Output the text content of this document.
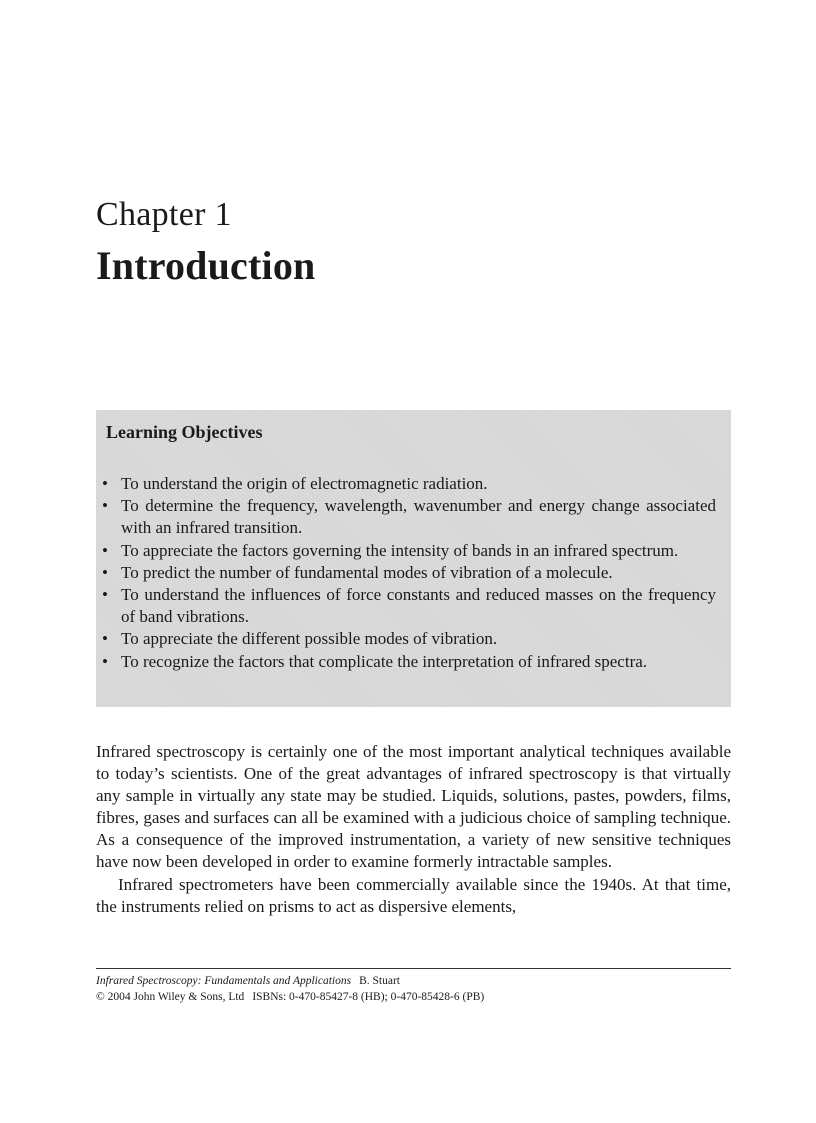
Chapter 1
Introduction
Learning Objectives
• To understand the origin of electromagnetic radiation.
• To determine the frequency, wavelength, wavenumber and energy change associated with an infrared transition.
• To appreciate the factors governing the intensity of bands in an infrared spectrum.
• To predict the number of fundamental modes of vibration of a molecule.
• To understand the influences of force constants and reduced masses on the frequency of band vibrations.
• To appreciate the different possible modes of vibration.
• To recognize the factors that complicate the interpretation of infrared spectra.

Infrared spectroscopy is certainly one of the most important analytical techniques available to today’s scientists. One of the great advantages of infrared spectroscopy is that virtually any sample in virtually any state may be studied. Liquids, solutions, pastes, powders, films, fibres, gases and surfaces can all be examined with a judicious choice of sampling technique. As a consequence of the improved instrumentation, a variety of new sensitive techniques have now been developed in order to examine formerly intractable samples.

Infrared spectrometers have been commercially available since the 1940s. At that time, the instruments relied on prisms to act as dispersive elements,

Infrared Spectroscopy: Fundamentals and Applications B. Stuart
© 2004 John Wiley & Sons, Ltd ISBNs: 0-470-85427-8 (HB); 0-470-85428-6 (PB)
